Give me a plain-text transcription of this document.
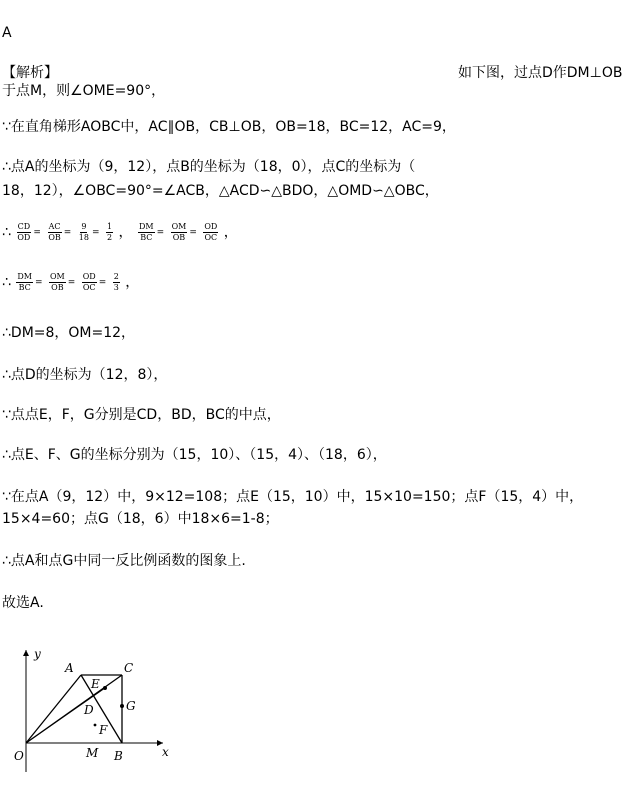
A
【解析】	如下图，过点D作DM⊥OB
于点M，则∠OME=90°，
∵在直角梯形AOBC中，AC∥OB，CB⊥OB，OB=18，BC=12，AC=9，
∴点A的坐标为（9，12），点B的坐标为（18，0），点C的坐标为（
18，12），∠OBC=90°=∠ACB，△ACD∽△BDO，△OMD∽△OBC，
∴ $\frac{CD}{OD} = \frac{AC}{OB} = \frac{9}{18} = \frac{1}{2}$ ， $\frac{DM}{BC} = \frac{OM}{OB} = \frac{OD}{OC}$ ，
∴ $\frac{DM}{BC} = \frac{OM}{OB} = \frac{OD}{OC} = \frac{2}{3}$ ，
∴DM=8，OM=12，
∴点D的坐标为（12，8），
∵点点E，F，G分别是CD，BD，BC的中点，
∴点E、F、G的坐标分别为（15，10）、（15，4）、（18，6），
∵在点A（9，12）中，9×12=108；点E（15，10）中，15×10=150；点F（15，4）中，
15×4=60；点G（18，6）中18×6=1-8；
∴点A和点G中同一反比例函数的图象上.
故选A.
y
x
O
A	C
E
D	G
F
M B
